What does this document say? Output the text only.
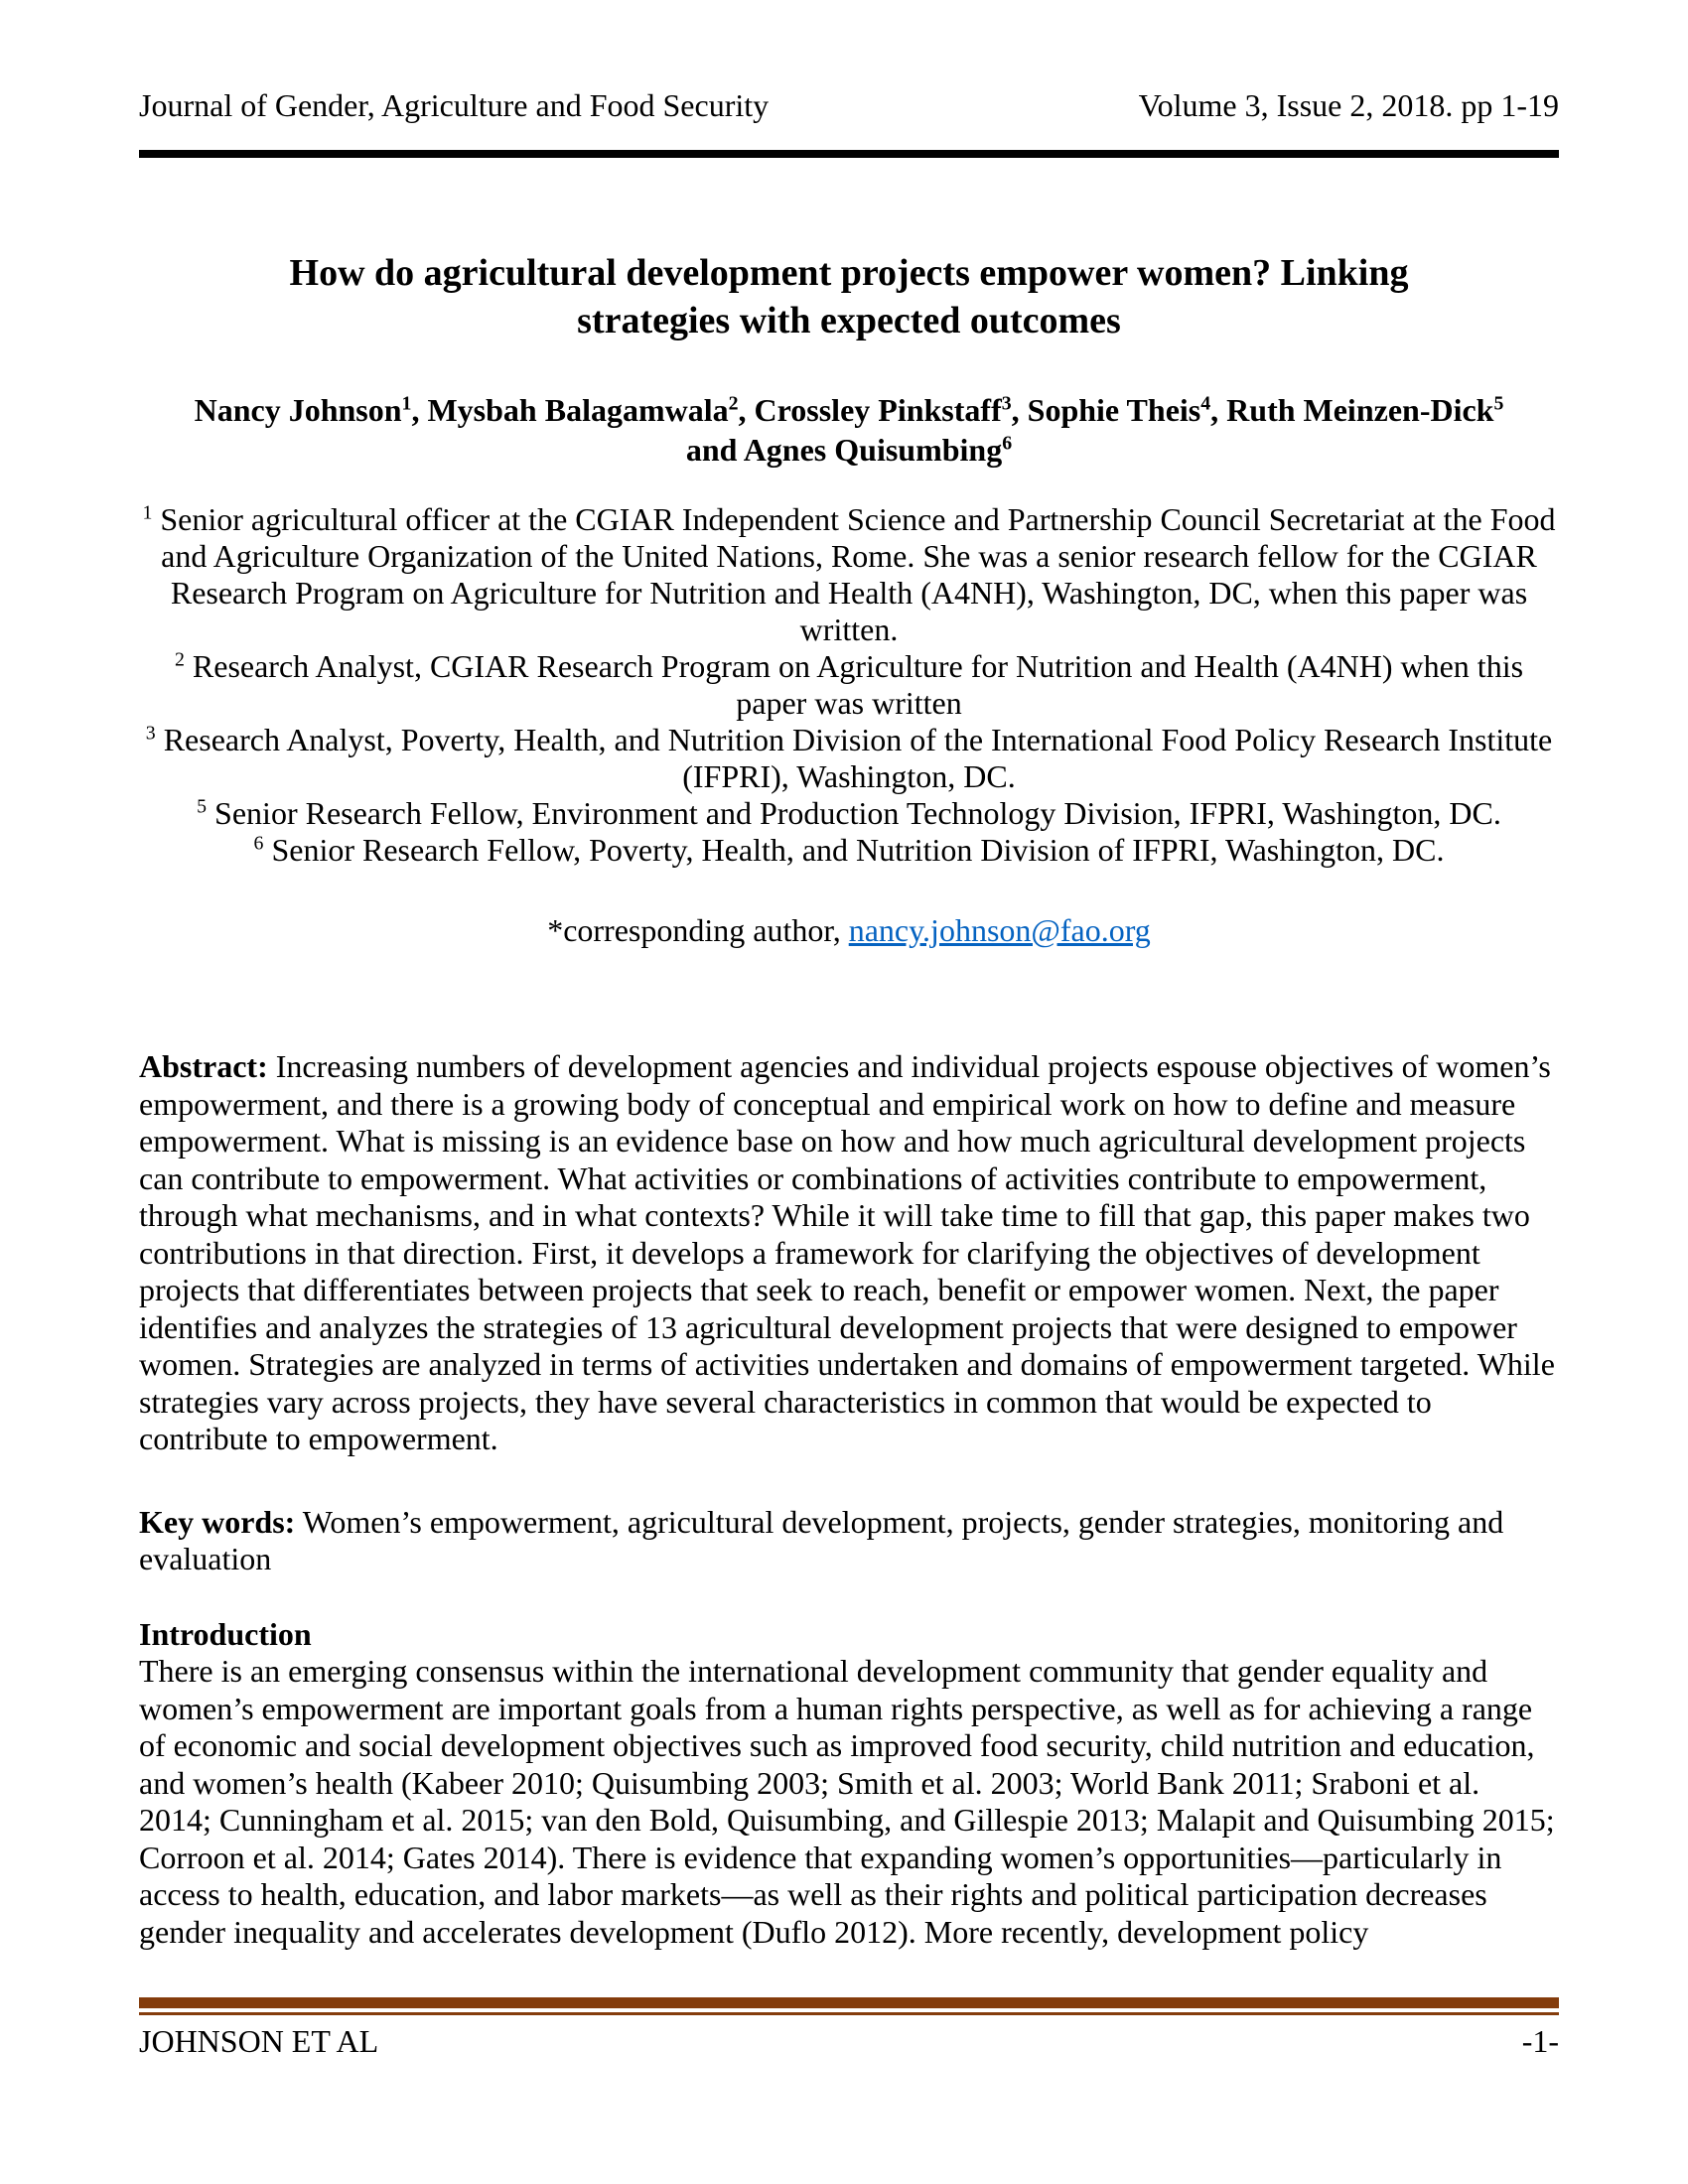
Journal of Gender, Agriculture and Food Security	Volume 3, Issue 2, 2018. pp 1-19
How do agricultural development projects empower women? Linking strategies with expected outcomes
Nancy Johnson$^1$, Mysbah Balagamwala$^2$, Crossley Pinkstaff$^3$, Sophie Theis$^4$, Ruth Meinzen-Dick$^5$
and Agnes Quisumbing$^6$
$^1$ Senior agricultural officer at the CGIAR Independent Science and Partnership Council Secretariat at the Food and Agriculture Organization of the United Nations, Rome. She was a senior research fellow for the CGIAR Research Program on Agriculture for Nutrition and Health (A4NH), Washington, DC, when this paper was written.
$^2$ Research Analyst, CGIAR Research Program on Agriculture for Nutrition and Health (A4NH) when this paper was written
$^3$ Research Analyst, Poverty, Health, and Nutrition Division of the International Food Policy Research Institute (IFPRI), Washington, DC.
$^5$ Senior Research Fellow, Environment and Production Technology Division, IFPRI, Washington, DC.
$^6$ Senior Research Fellow, Poverty, Health, and Nutrition Division of IFPRI, Washington, DC.
*corresponding author, nancy.johnson@fao.org
Abstract: Increasing numbers of development agencies and individual projects espouse objectives of women’s empowerment, and there is a growing body of conceptual and empirical work on how to define and measure empowerment. What is missing is an evidence base on how and how much agricultural development projects can contribute to empowerment. What activities or combinations of activities contribute to empowerment, through what mechanisms, and in what contexts? While it will take time to fill that gap, this paper makes two contributions in that direction. First, it develops a framework for clarifying the objectives of development projects that differentiates between projects that seek to reach, benefit or empower women. Next, the paper identifies and analyzes the strategies of 13 agricultural development projects that were designed to empower women. Strategies are analyzed in terms of activities undertaken and domains of empowerment targeted. While strategies vary across projects, they have several characteristics in common that would be expected to contribute to empowerment.
Key words: Women’s empowerment, agricultural development, projects, gender strategies, monitoring and evaluation
Introduction
There is an emerging consensus within the international development community that gender equality and women’s empowerment are important goals from a human rights perspective, as well as for achieving a range of economic and social development objectives such as improved food security, child nutrition and education, and women’s health (Kabeer 2010; Quisumbing 2003; Smith et al. 2003; World Bank 2011; Sraboni et al. 2014; Cunningham et al. 2015; van den Bold, Quisumbing, and Gillespie 2013; Malapit and Quisumbing 2015; Corroon et al. 2014; Gates 2014). There is evidence that expanding women’s opportunities—particularly in access to health, education, and labor markets—as well as their rights and political participation decreases gender inequality and accelerates development (Duflo 2012). More recently, development policy
JOHNSON ET AL	-1-
